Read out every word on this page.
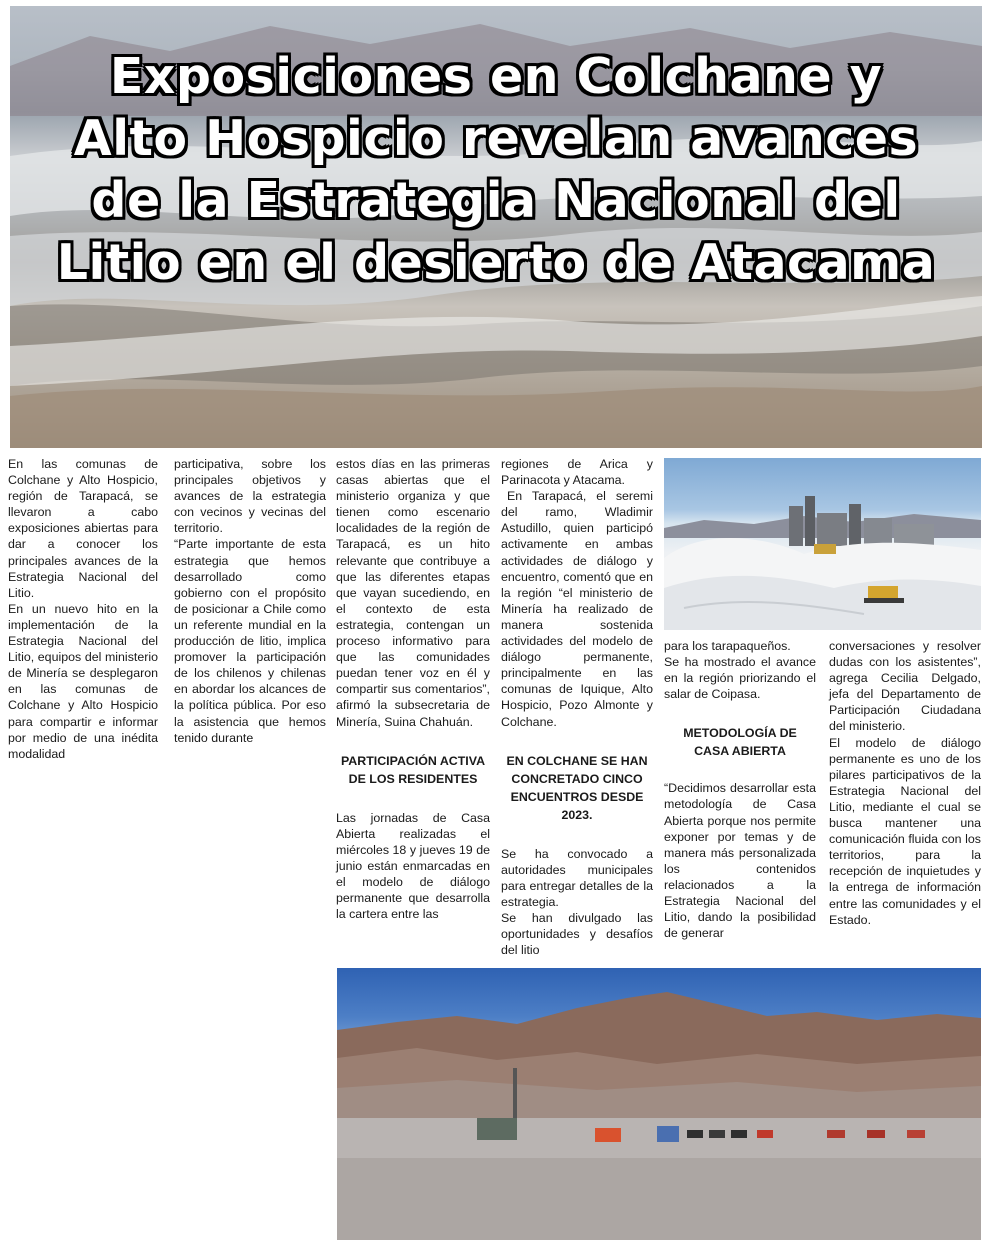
Exposiciones en Colchane y
Alto Hospicio revelan avances
de la Estrategia Nacional del
Litio en el desierto de Atacama

En las comunas de Colchane y Alto Hospicio, región de Tarapacá, se llevaron a cabo exposiciones abiertas para dar a conocer los principales avances de la Estrategia Nacional del Litio.

En un nuevo hito en la implementación de la Estrategia Nacional del Litio, equipos del ministerio de Minería se desplegaron en las comunas de Colchane y Alto Hospicio para compartir e informar por medio de una inédita modalidad

participativa, sobre los principales objetivos y avances de la estrategia con vecinos y vecinas del territorio.

“Parte importante de esta estrategia que hemos desarrollado como gobierno con el propósito de posicionar a Chile como un referente mundial en la producción de litio, implica promover la participación de los chilenos y chilenas en abordar los alcances de la política pública. Por eso la asistencia que hemos tenido durante

estos días en las primeras casas abiertas que el ministerio organiza y que tienen como escenario localidades de la región de Tarapacá, es un hito relevante que contribuye a que las diferentes etapas que vayan sucediendo, en el contexto de esta estrategia, contengan un proceso informativo para que las comunidades puedan tener voz en él y compartir sus comentarios”, afirmó la subsecretaria de Minería, Suina Chahuán.

PARTICIPACIÓN ACTIVA DE LOS RESIDENTES

Las jornadas de Casa Abierta realizadas el miércoles 18 y jueves 19 de junio están enmarcadas en el modelo de diálogo permanente que desarrolla la cartera entre las

regiones de Arica y Parinacota y Atacama.

En Tarapacá, el seremi del ramo, Wladimir Astudillo, quien participó activamente en ambas actividades de diálogo y encuentro, comentó que en la región “el ministerio de Minería ha realizado de manera sostenida actividades del modelo de diálogo permanente, principalmente en las comunas de Iquique, Alto Hospicio, Pozo Almonte y Colchane.

EN COLCHANE SE HAN CONCRETADO CINCO ENCUENTROS DESDE 2023.

Se ha convocado a autoridades municipales para entregar detalles de la estrategia.

Se han divulgado las oportunidades y desafíos del litio

para los tarapaqueños.

Se ha mostrado el avance en la región priorizando el salar de Coipasa.

METODOLOGÍA DE CASA ABIERTA

“Decidimos desarrollar esta metodología de Casa Abierta porque nos permite exponer por temas y de manera más personalizada los contenidos relacionados a la Estrategia Nacional del Litio, dando la posibilidad de generar

conversaciones y resolver dudas con los asistentes”, agrega Cecilia Delgado, jefa del Departamento de Participación Ciudadana del ministerio.

El modelo de diálogo permanente es uno de los pilares participativos de la Estrategia Nacional del Litio, mediante el cual se busca mantener una comunicación fluida con los territorios, para la recepción de inquietudes y la entrega de información entre las comunidades y el Estado.
